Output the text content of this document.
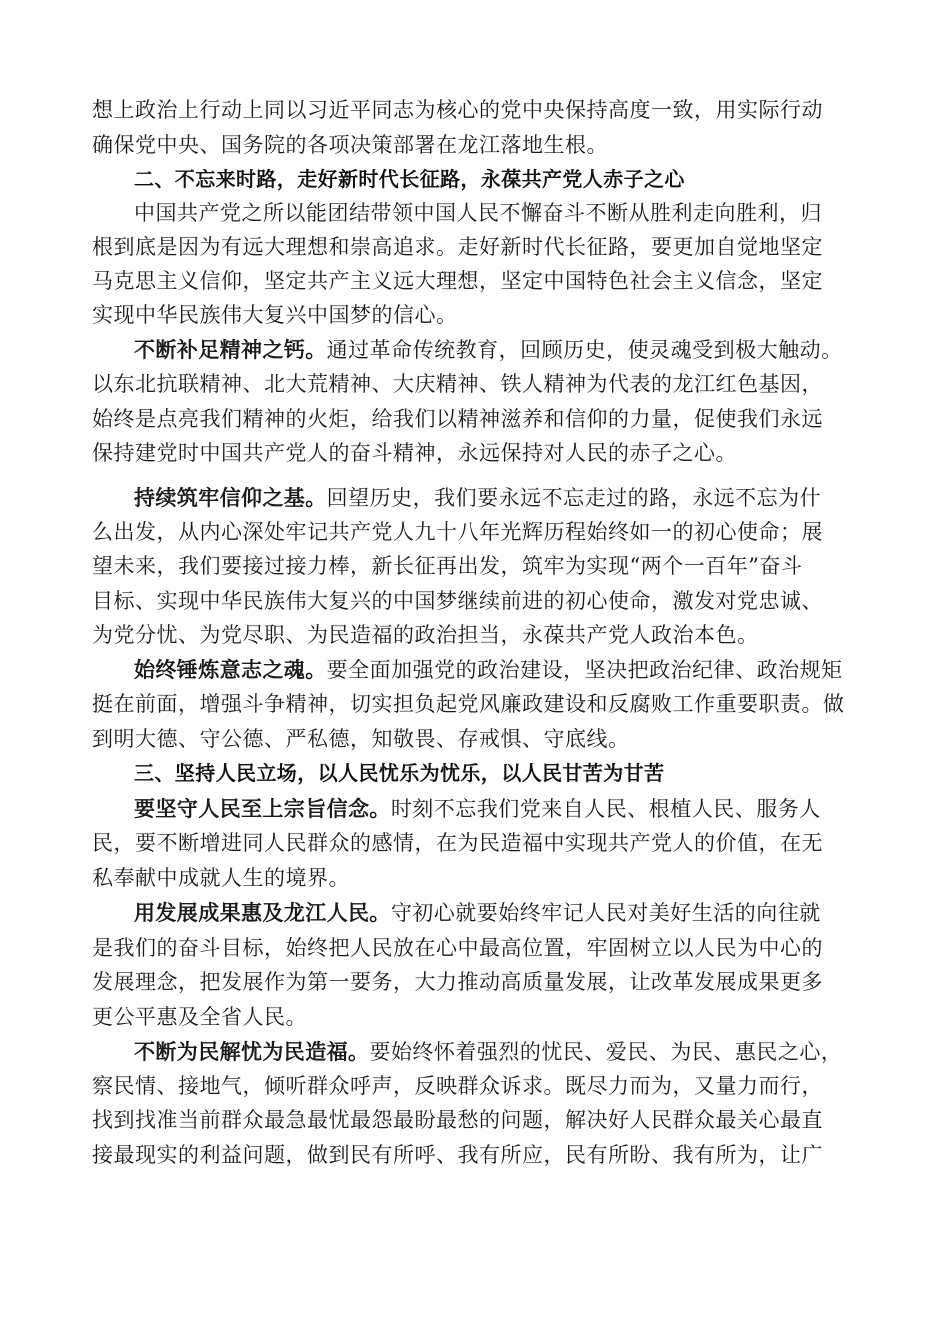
想上政治上行动上同以习近平同志为核心的党中央保持高度一致，用实际行动
确保党中央、国务院的各项决策部署在龙江落地生根。
二、不忘来时路，走好新时代长征路，永葆共产党人赤子之心
中国共产党之所以能团结带领中国人民不懈奋斗不断从胜利走向胜利，归
根到底是因为有远大理想和崇高追求。走好新时代长征路，要更加自觉地坚定
马克思主义信仰，坚定共产主义远大理想，坚定中国特色社会主义信念，坚定
实现中华民族伟大复兴中国梦的信心。
不断补足精神之钙。通过革命传统教育，回顾历史，使灵魂受到极大触动。
以东北抗联精神、北大荒精神、大庆精神、铁人精神为代表的龙江红色基因，
始终是点亮我们精神的火炬，给我们以精神滋养和信仰的力量，促使我们永远
保持建党时中国共产党人的奋斗精神，永远保持对人民的赤子之心。
持续筑牢信仰之基。回望历史，我们要永远不忘走过的路，永远不忘为什
么出发，从内心深处牢记共产党人九十八年光辉历程始终如一的初心使命；展
望未来，我们要接过接力棒，新长征再出发，筑牢为实现“两个一百年”奋斗
目标、实现中华民族伟大复兴的中国梦继续前进的初心使命，激发对党忠诚、
为党分忧、为党尽职、为民造福的政治担当，永葆共产党人政治本色。
始终锤炼意志之魂。要全面加强党的政治建设，坚决把政治纪律、政治规矩
挺在前面，增强斗争精神，切实担负起党风廉政建设和反腐败工作重要职责。做
到明大德、守公德、严私德，知敬畏、存戒惧、守底线。
三、坚持人民立场，以人民忧乐为忧乐，以人民甘苦为甘苦
要坚守人民至上宗旨信念。时刻不忘我们党来自人民、根植人民、服务人
民，要不断增进同人民群众的感情，在为民造福中实现共产党人的价值，在无
私奉献中成就人生的境界。
用发展成果惠及龙江人民。守初心就要始终牢记人民对美好生活的向往就
是我们的奋斗目标，始终把人民放在心中最高位置，牢固树立以人民为中心的
发展理念，把发展作为第一要务，大力推动高质量发展，让改革发展成果更多
更公平惠及全省人民。
不断为民解忧为民造福。要始终怀着强烈的忧民、爱民、为民、惠民之心，
察民情、接地气，倾听群众呼声，反映群众诉求。既尽力而为，又量力而行，
找到找准当前群众最急最忧最怨最盼最愁的问题，解决好人民群众最关心最直
接最现实的利益问题，做到民有所呼、我有所应，民有所盼、我有所为，让广
